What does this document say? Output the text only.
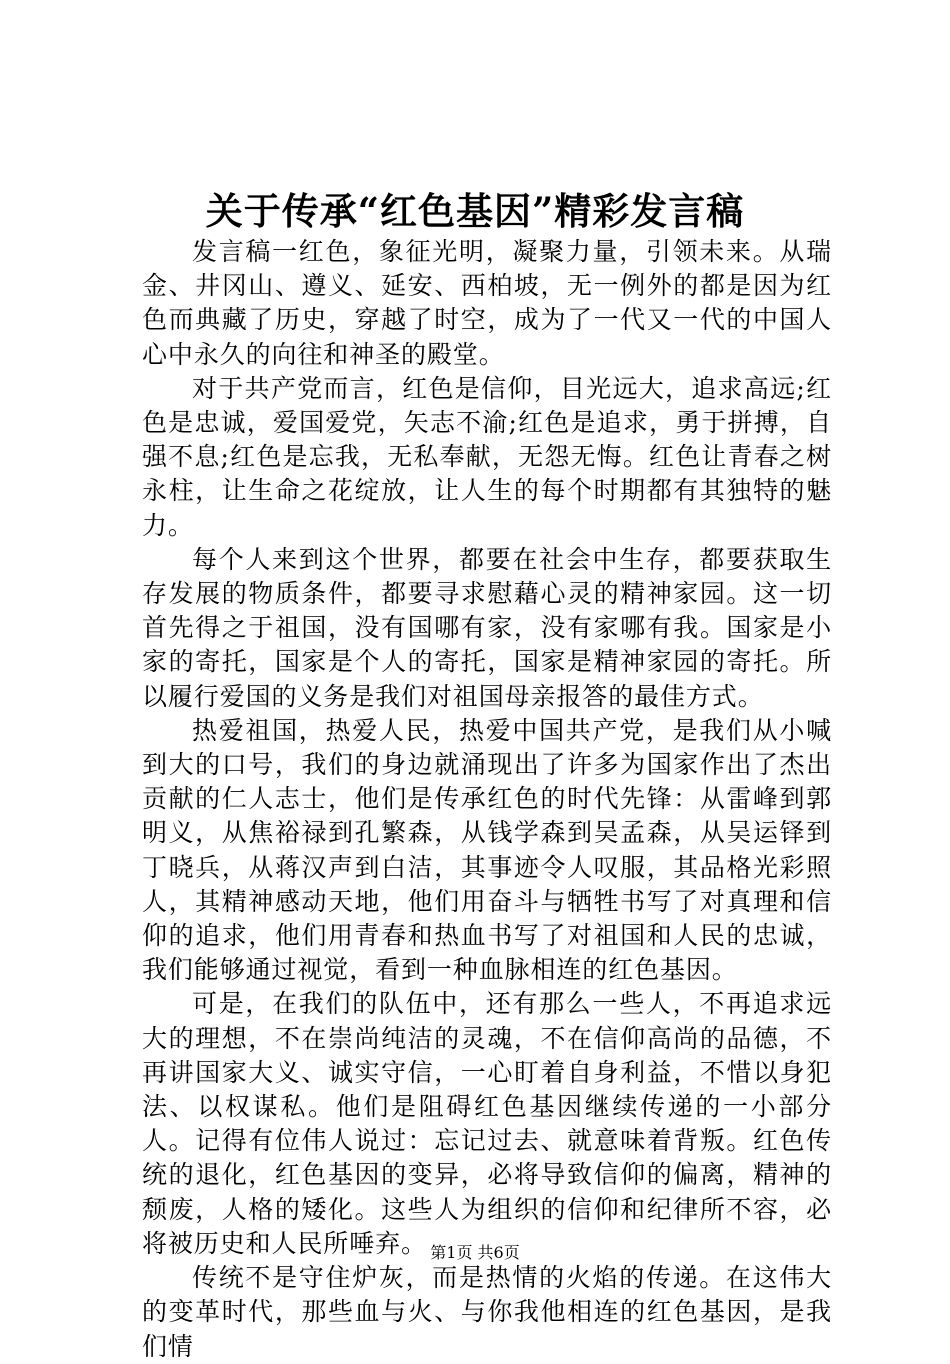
关于传承“红色基因”精彩发言稿

发言稿一红色，象征光明，凝聚力量，引领未来。从瑞金、井冈山、遵义、延安、西柏坡，无一例外的都是因为红色而典藏了历史，穿越了时空，成为了一代又一代的中国人心中永久的向往和神圣的殿堂。

对于共产党而言，红色是信仰，目光远大，追求高远;红色是忠诚，爱国爱党，矢志不渝;红色是追求，勇于拼搏，自强不息;红色是忘我，无私奉献，无怨无悔。红色让青春之树永柱，让生命之花绽放，让人生的每个时期都有其独特的魅力。

每个人来到这个世界，都要在社会中生存，都要获取生存发展的物质条件，都要寻求慰藉心灵的精神家园。这一切首先得之于祖国，没有国哪有家，没有家哪有我。国家是小家的寄托，国家是个人的寄托，国家是精神家园的寄托。所以履行爱国的义务是我们对祖国母亲报答的最佳方式。

热爱祖国，热爱人民，热爱中国共产党，是我们从小喊到大的口号，我们的身边就涌现出了许多为国家作出了杰出贡献的仁人志士，他们是传承红色的时代先锋：从雷峰到郭明义，从焦裕禄到孔繁森，从钱学森到吴孟森，从吴运铎到丁晓兵，从蒋汉声到白洁，其事迹令人叹服，其品格光彩照人，其精神感动天地，他们用奋斗与牺牲书写了对真理和信仰的追求，他们用青春和热血书写了对祖国和人民的忠诚，我们能够通过视觉，看到一种血脉相连的红色基因。

可是，在我们的队伍中，还有那么一些人，不再追求远大的理想，不在崇尚纯洁的灵魂，不在信仰高尚的品德，不再讲国家大义、诚实守信，一心盯着自身利益，不惜以身犯法、以权谋私。他们是阻碍红色基因继续传递的一小部分人。记得有位伟人说过：忘记过去、就意味着背叛。红色传统的退化，红色基因的变异，必将导致信仰的偏离，精神的颓废，人格的矮化。这些人为组织的信仰和纪律所不容，必将被历史和人民所唾弃。

传统不是守住炉灰，而是热情的火焰的传递。在这伟大的变革时代，那些血与火、与你我他相连的红色基因，是我们情

第1页 共6页
